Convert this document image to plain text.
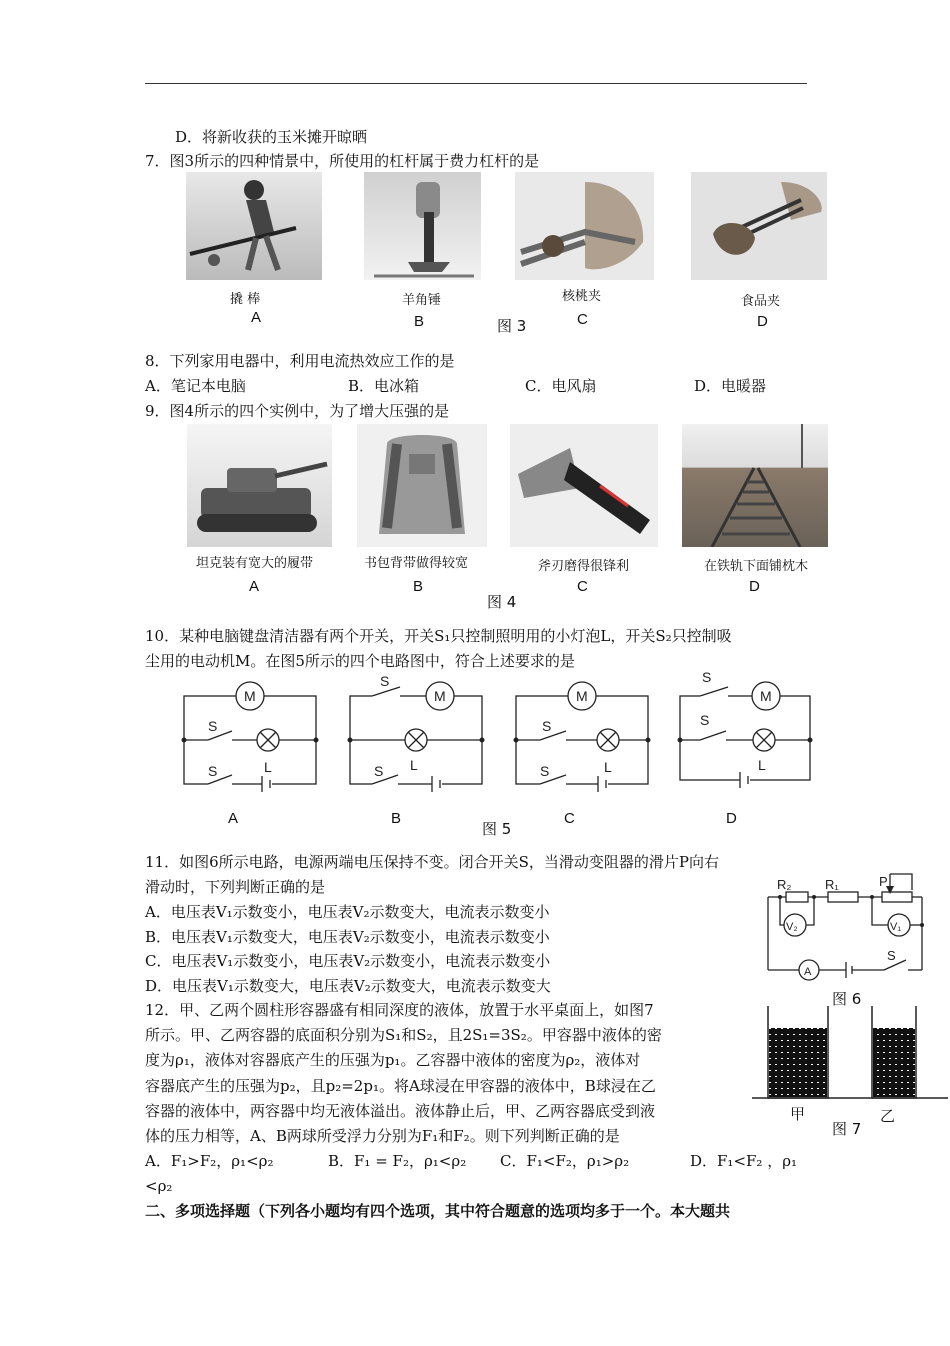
D．将新收获的玉米摊开晾晒
7．图3所示的四种情景中，所使用的杠杆属于费力杠杆的是
撬 棒	羊角锤	核桃夹	食品夹
A	B	C	D
图 3
8．下列家用电器中，利用电流热效应工作的是
A．笔记本电脑	B．电冰箱	C．电风扇	D．电暖器
9．图4所示的四个实例中，为了增大压强的是
坦克装有宽大的履带	书包背带做得较宽	斧刃磨得很锋利	在铁轨下面铺枕木
A	B	C	D
图 4
10．某种电脑键盘清洁器有两个开关，开关S₁只控制照明用的小灯泡L，开关S₂只控制吸
尘用的电动机M。在图5所示的四个电路图中，符合上述要求的是
M
S
S	L
M
S
S L
M
S
S	L
M
S
S
L
A	B	C	D
图 5
11．如图6所示电路，电源两端电压保持不变。闭合开关S，当滑动变阻器的滑片P向右
滑动时，下列判断正确的是
A．电压表V₁示数变小，电压表V₂示数变大，电流表示数变小
B．电压表V₁示数变大，电压表V₂示数变小，电流表示数变小
C．电压表V₁示数变小，电压表V₂示数变小，电流表示数变小
D．电压表V₁示数变大，电压表V₂示数变大，电流表示数变大
R₂	R₁	P
V₂	V₁
A
S
图 6
12．甲、乙两个圆柱形容器盛有相同深度的液体，放置于水平桌面上，如图7
所示。甲、乙两容器的底面积分别为S₁和S₂，且2S₁=3S₂。甲容器中液体的密
度为ρ₁，液体对容器底产生的压强为p₁。乙容器中液体的密度为ρ₂，液体对
容器底产生的压强为p₂，且p₂=2p₁。将A球浸在甲容器的液体中，B球浸在乙
容器的液体中，两容器中均无液体溢出。液体静止后，甲、乙两容器底受到液
体的压力相等，A、B两球所受浮力分别为F₁和F₂。则下列判断正确的是
A．F₁>F₂，ρ₁<ρ₂	B．F₁ = F₂，ρ₁<ρ₂ C．F₁<F₂，ρ₁>ρ₂	D．F₁<F₂ ，ρ₁
<ρ₂
甲	乙
图 7
二、多项选择题（下列各小题均有四个选项，其中符合题意的选项均多于一个。本大题共
